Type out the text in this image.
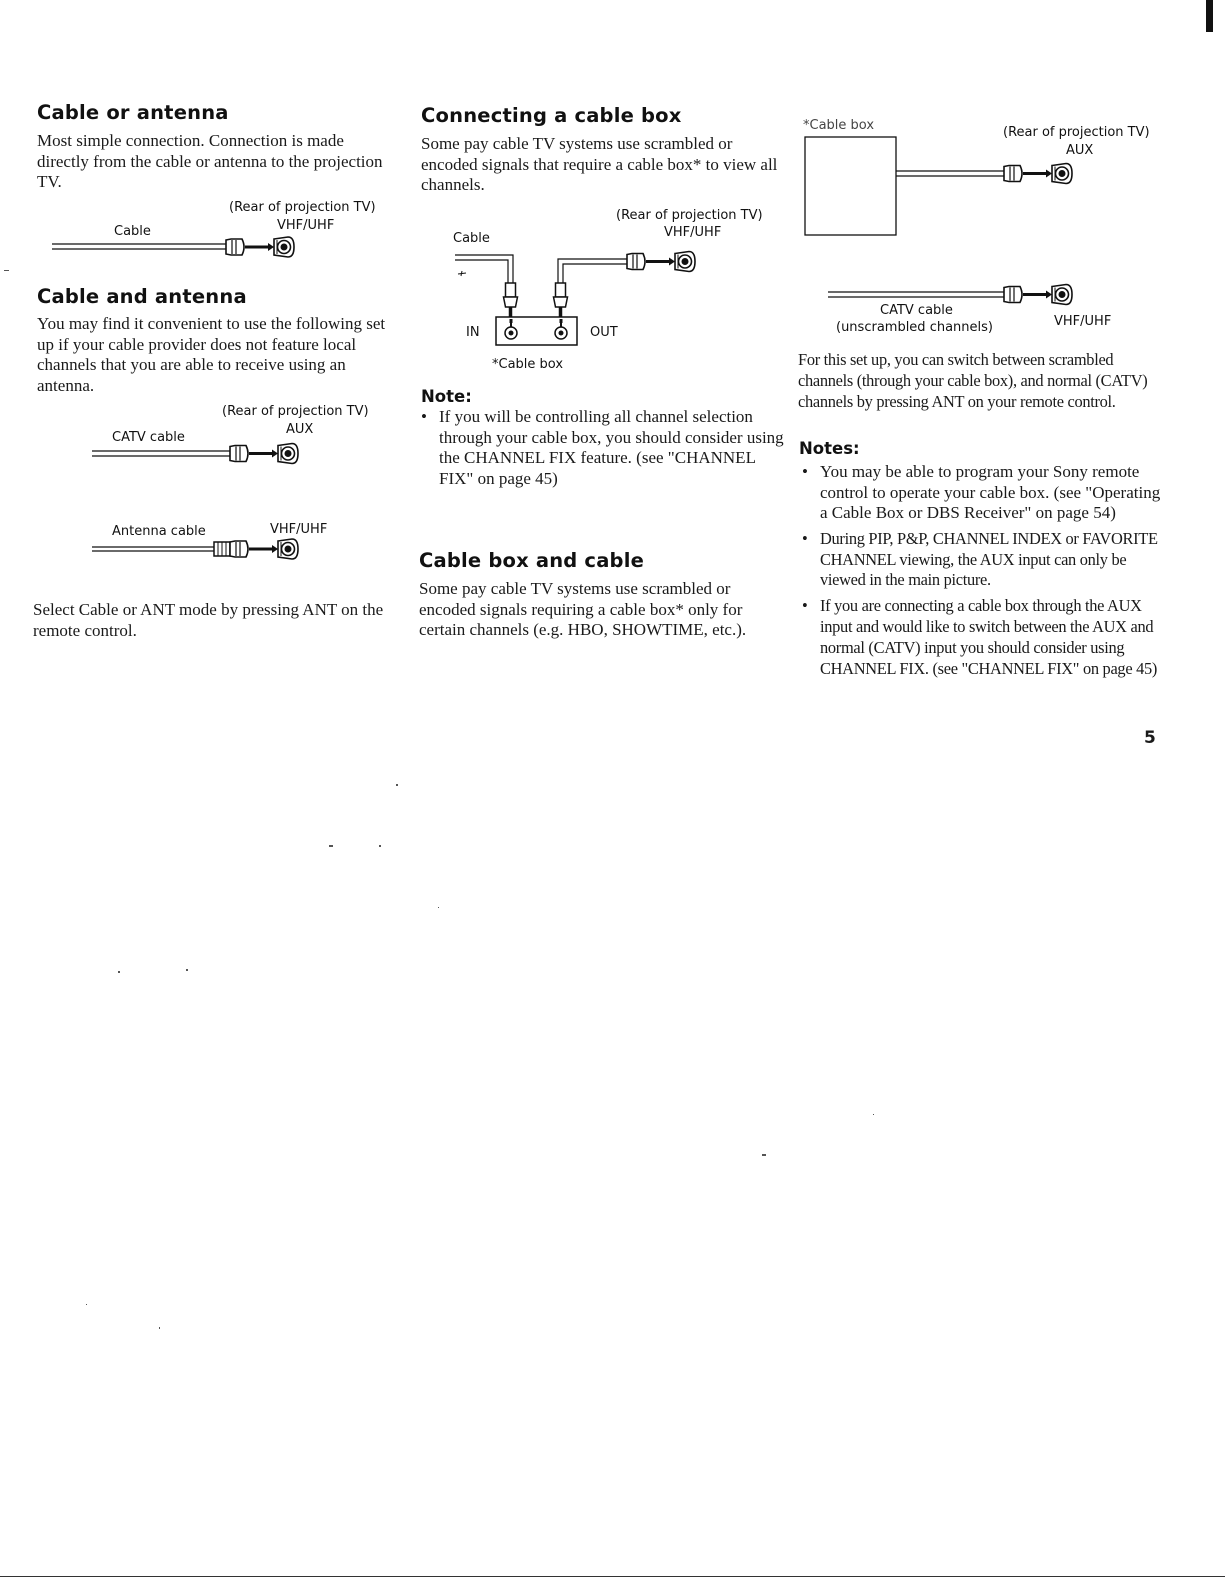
Cable or antenna

Most simple connection. Connection is made directly from the cable or antenna to the projection TV.

(Rear of projection TV)
VHF/UHF
Cable
Cable and antenna

You may find it convenient to use the following set up if your cable provider does not feature local channels that you are able to receive using an antenna.

(Rear of projection TV)
AUX
CATV cable
Antenna cable	VHF/UHF

Select Cable or ANT mode by pressing ANT on the remote control.

Connecting a cable box

Some pay cable TV systems use scrambled or encoded signals that require a cable box* to view all channels.

(Rear of projection TV)
VHF/UHF
Cable
IN	OUT
*Cable box
Note:
• If you will be controlling all channel selection through your cable box, you should consider using the CHANNEL FIX feature. (see "CHANNEL FIX" on page 45)
Cable box and cable

Some pay cable TV systems use scrambled or encoded signals requiring a cable box* only for certain channels (e.g. HBO, SHOWTIME, etc.).

*Cable box	(Rear of projection TV)
AUX
CATV cable
(unscrambled channels)	VHF/UHF

For this set up, you can switch between scrambled channels (through your cable box), and normal (CATV) channels by pressing ANT on your remote control.

Notes:
• You may be able to program your Sony remote control to operate your cable box. (see "Operating a Cable Box or DBS Receiver" on page 54)
• During PIP, P&P, CHANNEL INDEX or FAVORITE CHANNEL viewing, the AUX input can only be viewed in the main picture.
• If you are connecting a cable box through the AUX input and would like to switch between the AUX and normal (CATV) input you should consider using CHANNEL FIX. (see "CHANNEL FIX" on page 45)
5
